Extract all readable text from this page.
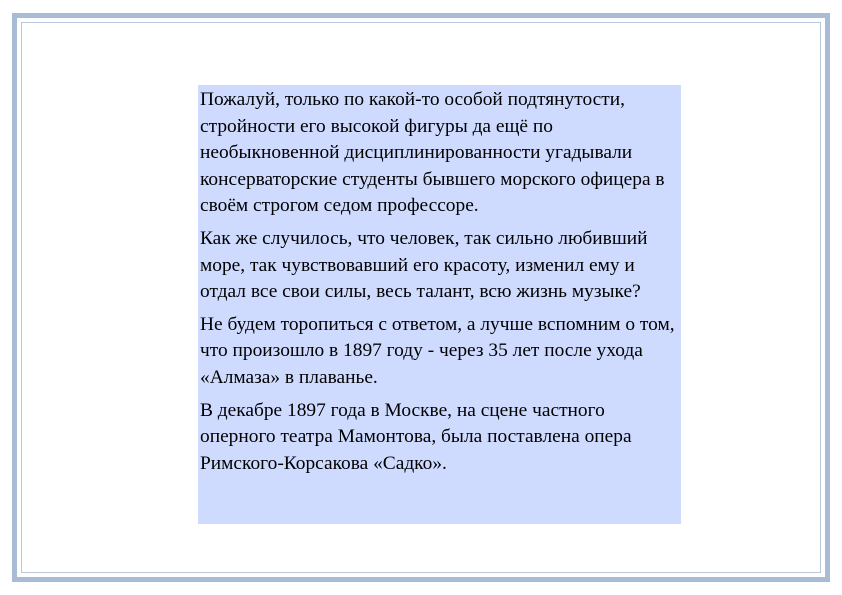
Пожалуй, только по какой-то особой подтянутости, стройности его высокой фигуры да ещё по необыкновенной дисциплинированности угадывали консерваторские студенты бывшего морского офицера в своём строгом седом профессоре.

Как же случилось, что человек, так сильно любивший море, так чувствовавший его красоту, изменил ему и отдал все свои силы, весь талант, всю жизнь музыке?

Не будем торопиться с ответом, а лучше вспомним о том, что произошло в 1897 году - через 35 лет после ухода «Алмаза» в плаванье.

В декабре 1897 года в Москве, на сцене частного оперного театра Мамонтова, была поставлена опера Римского-Корсакова «Садко».
